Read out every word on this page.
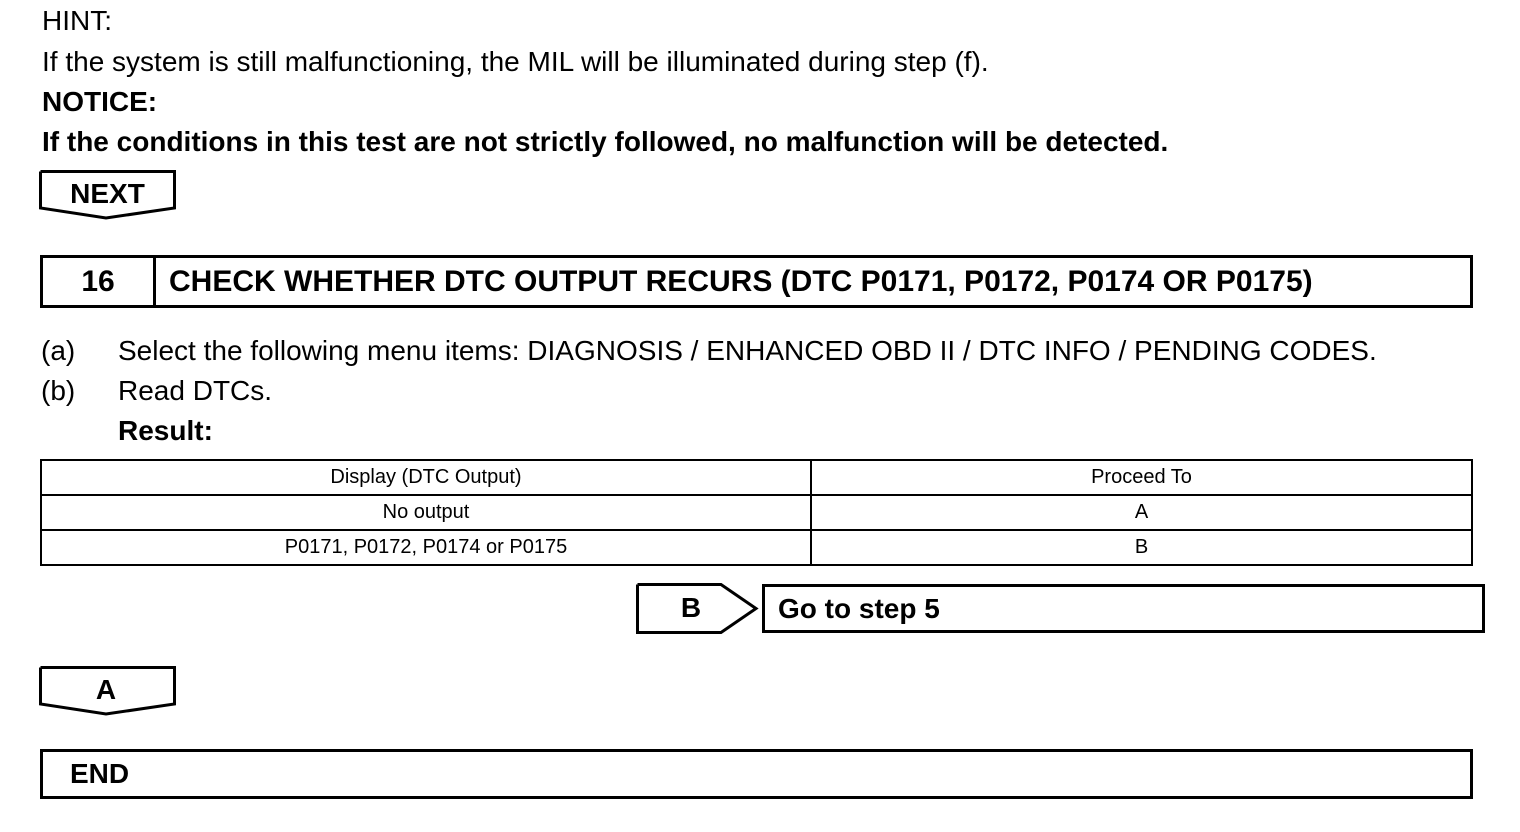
HINT:
If the system is still malfunctioning, the MIL will be illuminated during step (f).
NOTICE:
If the conditions in this test are not strictly followed, no malfunction will be detected.
NEXT
16	CHECK WHETHER DTC OUTPUT RECURS (DTC P0171, P0172, P0174 OR P0175)
(a) Select the following menu items: DIAGNOSIS / ENHANCED OBD II / DTC INFO / PENDING CODES.
(b) Read DTCs.
Result:
Display (DTC Output)	Proceed To
No output	A
P0171, P0172, P0174 or P0175	B
B	Go to step 5
A
END
